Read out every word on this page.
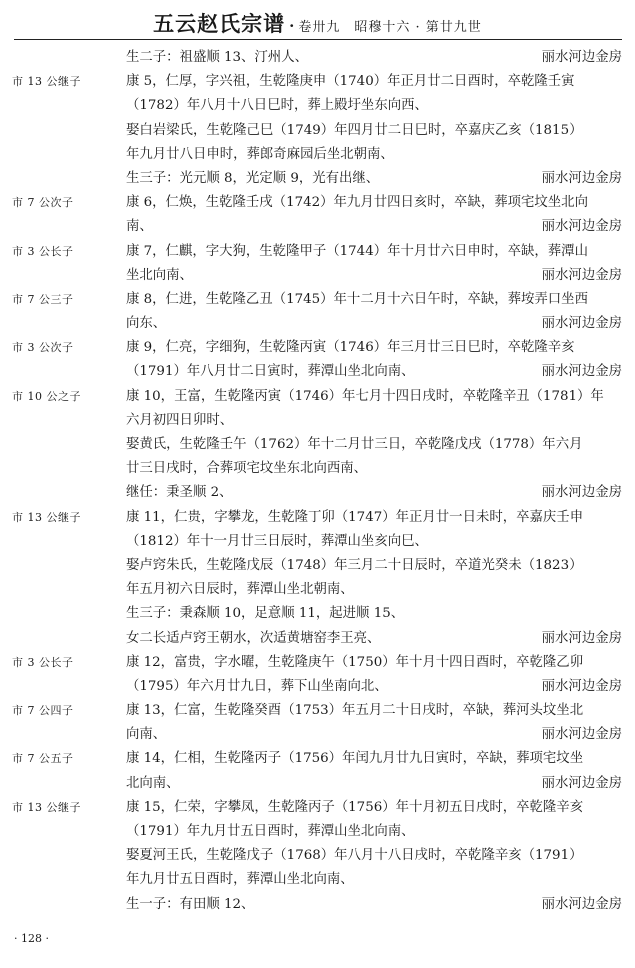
五云赵氏宗谱 · 卷卅九　昭穆十六 · 第廿九世
生二子：祖盛顺 13、汀州人、	丽水河边金房
市 13 公继子	康 5，仁厚，字兴祖，生乾隆庚申（1740）年正月廿二日酉时，卒乾隆壬寅
（1782）年八月十八日巳时，葬上殿圩坐东向西、
娶白岩梁氏，生乾隆己巳（1749）年四月廿二日巳时，卒嘉庆乙亥（1815）
年九月廿八日申时，葬郎奇麻园后坐北朝南、
生三子：光元顺 8，光定顺 9，光有出继、	丽水河边金房
市 7 公次子	康 6，仁焕，生乾隆壬戌（1742）年九月廿四日亥时，卒缺，葬项宅坟坐北向
南、	丽水河边金房
市 3 公长子	康 7，仁麒，字大狗，生乾隆甲子（1744）年十月廿六日申时，卒缺，葬潭山
坐北向南、	丽水河边金房
市 7 公三子	康 8，仁进，生乾隆乙丑（1745）年十二月十六日午时，卒缺，葬垵弄口坐西
向东、	丽水河边金房
市 3 公次子	康 9，仁亮，字细狗，生乾隆丙寅（1746）年三月廿三日巳时，卒乾隆辛亥
（1791）年八月廿二日寅时，葬潭山坐北向南、	丽水河边金房
市 10 公之子	康 10，王富，生乾隆丙寅（1746）年七月十四日戌时，卒乾隆辛丑（1781）年
六月初四日卯时、
娶黄氏，生乾隆壬午（1762）年十二月廿三日，卒乾隆戊戌（1778）年六月
廿三日戌时，合葬项宅坟坐东北向西南、
继任：秉圣顺 2、	丽水河边金房
市 13 公继子	康 11，仁贵，字攀龙，生乾隆丁卯（1747）年正月廿一日未时，卒嘉庆壬申
（1812）年十一月廿三日辰时，葬潭山坐亥向巳、
娶卢窍朱氏，生乾隆戊辰（1748）年三月二十日辰时，卒道光癸未（1823）
年五月初六日辰时，葬潭山坐北朝南、
生三子：秉森顺 10，足意顺 11，起进顺 15、
女二长适卢窍王朝水，次适黄塘窑李王亮、	丽水河边金房
市 3 公长子	康 12，富贵，字水曜，生乾隆庚午（1750）年十月十四日酉时，卒乾隆乙卯
（1795）年六月廿九日，葬下山坐南向北、	丽水河边金房
市 7 公四子	康 13，仁富，生乾隆癸酉（1753）年五月二十日戌时，卒缺，葬河头坟坐北
向南、	丽水河边金房
市 7 公五子	康 14，仁相，生乾隆丙子（1756）年闰九月廿九日寅时，卒缺，葬项宅坟坐
北向南、	丽水河边金房
市 13 公继子	康 15，仁荣，字攀凤，生乾隆丙子（1756）年十月初五日戌时，卒乾隆辛亥
（1791）年九月廿五日酉时，葬潭山坐北向南、
娶夏河王氏，生乾隆戊子（1768）年八月十八日戌时，卒乾隆辛亥（1791）
年九月廿五日酉时，葬潭山坐北向南、
生一子：有田顺 12、	丽水河边金房
· 128 ·
